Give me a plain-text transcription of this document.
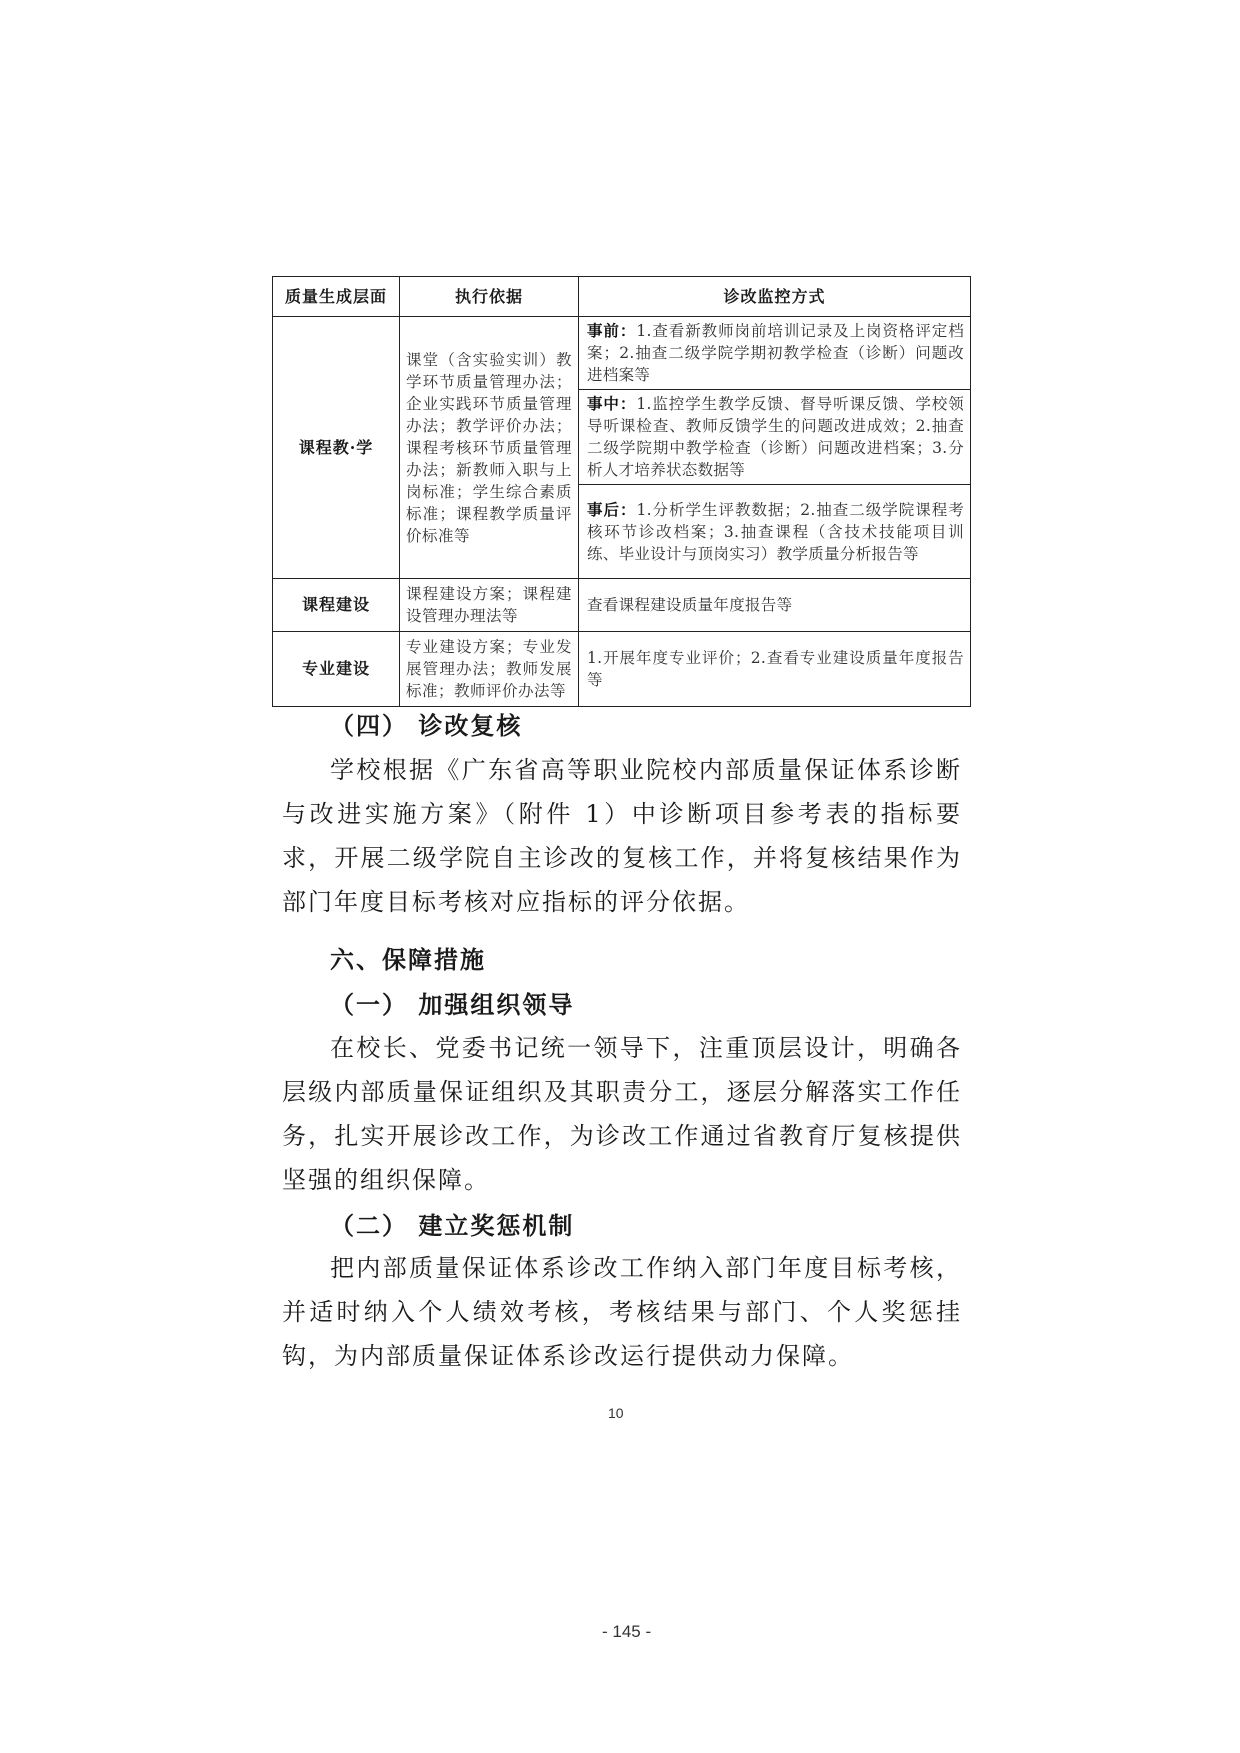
质量生成层面	执行依据	诊改监控方式
课程教·学	课堂（含实验实训）教学环节质量管理办法；企业实践环节质量管理办法；教学评价办法；课程考核环节质量管理办法；新教师入职与上岗标准；学生综合素质标准；课程教学质量评价标准等	事前：1.查看新教师岗前培训记录及上岗资格评定档案；2.抽查二级学院学期初教学检查（诊断）问题改进档案等
		事中：1.监控学生教学反馈、督导听课反馈、学校领导听课检查、教师反馈学生的问题改进成效；2.抽查二级学院期中教学检查（诊断）问题改进档案；3.分析人才培养状态数据等
		事后：1.分析学生评教数据；2.抽查二级学院课程考核环节诊改档案；3.抽查课程（含技术技能项目训练、毕业设计与顶岗实习）教学质量分析报告等
课程建设	课程建设方案；课程建设管理办理法等	查看课程建设质量年度报告等
专业建设	专业建设方案；专业发展管理办法；教师发展标准；教师评价办法等	1.开展年度专业评价；2.查看专业建设质量年度报告等
（四） 诊改复核
学校根据《广东省高等职业院校内部质量保证体系诊断与改进实施方案》（附件 1）中诊断项目参考表的指标要求，开展二级学院自主诊改的复核工作，并将复核结果作为部门年度目标考核对应指标的评分依据。
六、保障措施
（一） 加强组织领导
在校长、党委书记统一领导下，注重顶层设计，明确各层级内部质量保证组织及其职责分工，逐层分解落实工作任务，扎实开展诊改工作，为诊改工作通过省教育厅复核提供坚强的组织保障。
（二） 建立奖惩机制
把内部质量保证体系诊改工作纳入部门年度目标考核，并适时纳入个人绩效考核，考核结果与部门、个人奖惩挂钩，为内部质量保证体系诊改运行提供动力保障。
10
- 145 -
